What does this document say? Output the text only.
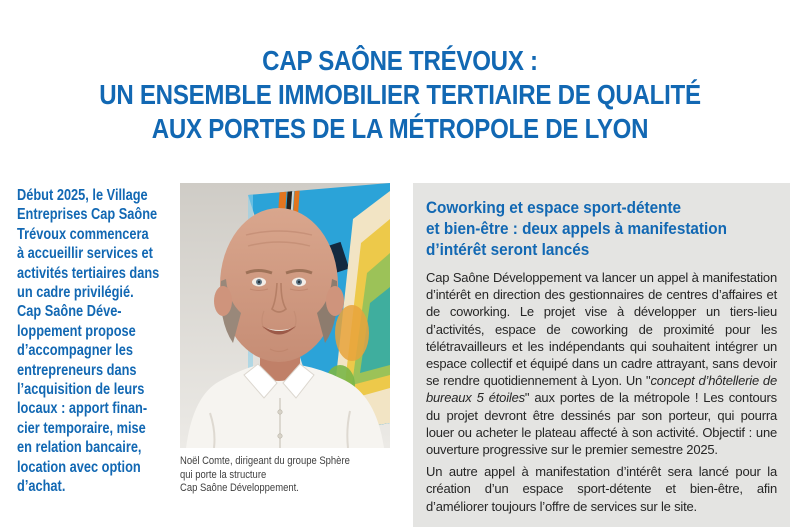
CAP SAÔNE TRÉVOUX :
UN ENSEMBLE IMMOBILIER TERTIAIRE DE QUALITÉ
AUX PORTES DE LA MÉTROPOLE DE LYON
Début 2025, le Village
Entreprises Cap Saône
Trévoux commencera
à accueillir services et
activités tertiaires dans
un cadre privilégié.
Cap Saône Déve-
loppement propose
d’accompagner les
entrepreneurs dans
l’acquisition de leurs
locaux : apport finan-
cier temporaire, mise
en relation bancaire,
location avec option
d’achat.
Noël Comte, dirigeant du groupe Sphère
qui porte la structure
Cap Saône Développement.
Coworking et espace sport-détente
et bien-être : deux appels à manifestation
d’intérêt seront lancés

Cap Saône Développement va lancer un appel à manifestation d’intérêt en direction des gestionnaires de centres d’affaires et de coworking. Le projet vise à développer un tiers-lieu d’activités, espace de coworking de proximité pour les télétravailleurs et les indépendants qui souhaitent intégrer un espace collectif et équipé dans un cadre attrayant, sans devoir se rendre quotidiennement à Lyon. Un "concept d’hôtellerie de bureaux 5 étoiles" aux portes de la métropole ! Les contours du projet devront être dessinés par son porteur, qui pourra louer ou acheter le plateau affecté à son activité. Objectif : une ouverture progressive sur le premier semestre 2025.

Un autre appel à manifestation d’intérêt sera lancé pour la création d’un espace sport-détente et bien-être, afin d’améliorer toujours l’offre de services sur le site.
